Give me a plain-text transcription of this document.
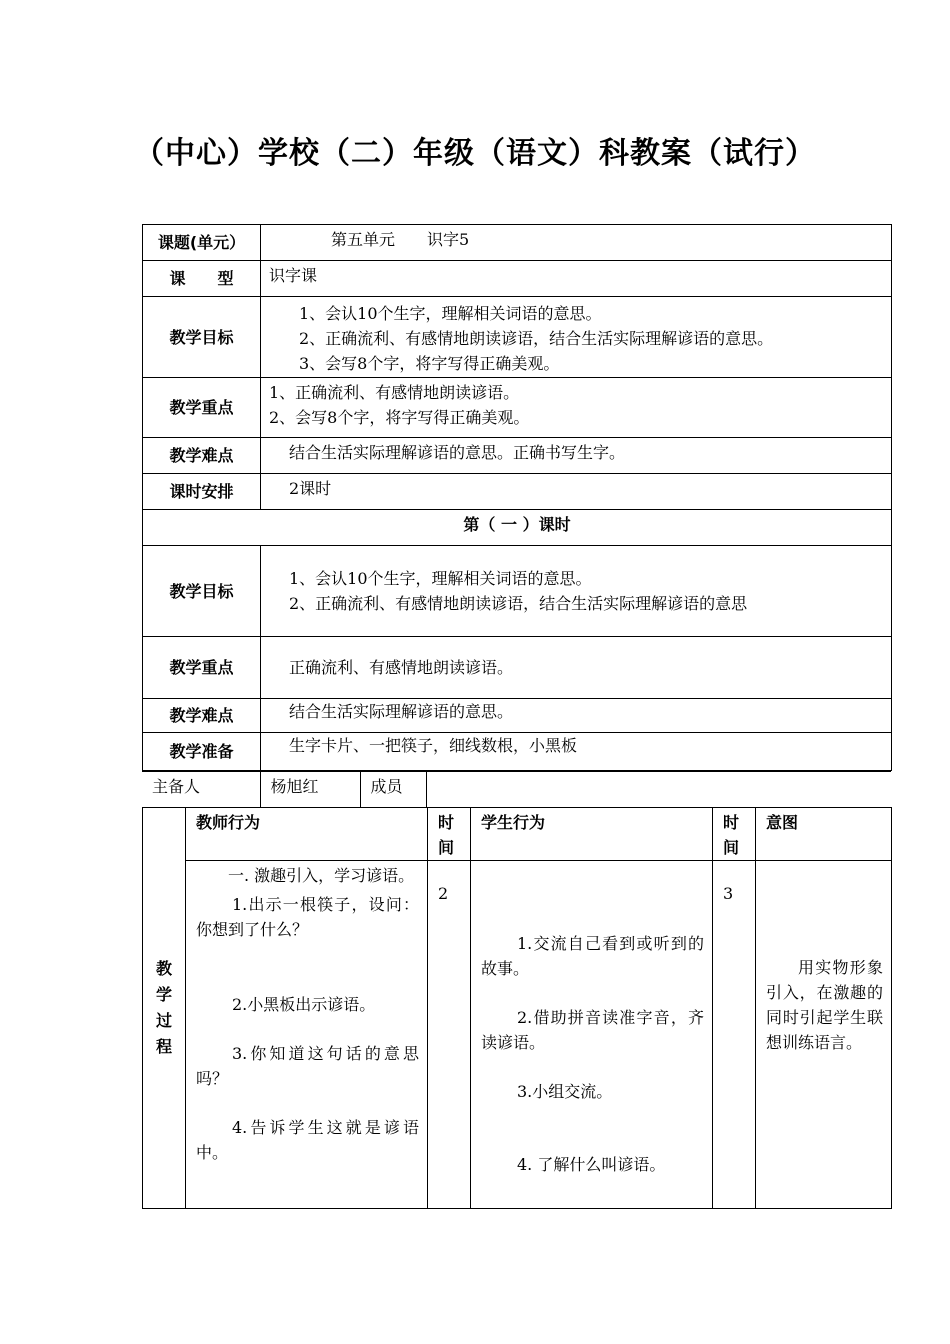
（中心）学校（二）年级（语文）科教案（试行）
课题(单元）	第五单元　　识字5
课　　型	识字课
教学目标	1、会认10个生字，理解相关词语的意思。
2、正确流利、有感情地朗读谚语，结合生活实际理解谚语的意思。
3、会写8个字，将字写得正确美观。

教学重点	1、正确流利、有感情地朗读谚语。
2、会写8个字，将字写得正确美观。

教学难点	结合生活实际理解谚语的意思。正确书写生字。
课时安排	2课时
第（ 一 ）课时	
教学目标	1、会认10个生字，理解相关词语的意思。
2、正确流利、有感情地朗读谚语，结合生活实际理解谚语的意思

教学重点	正确流利、有感情地朗读谚语。
教学难点	结合生活实际理解谚语的意思。
教学准备	生字卡片、一把筷子，细线数根，小黑板
主备人	杨旭红	成员	
教
学
过
程	教师行为	时
间	学生行为	时
间	意图

	一. 激趣引入，学习谚语。
1.出示一根筷子，设问：你想到了什么？
2.小黑板出示谚语。
3.你知道这句话的意思吗？
4.告诉学生这就是谚语中。	2	1.交流自己看到或听到的故事。
2.借助拼音读准字音，齐读谚语。
3.小组交流。
4. 了解什么叫谚语。	3	用实物形象引入，在激趣的同时引起学生联想训练语言。
